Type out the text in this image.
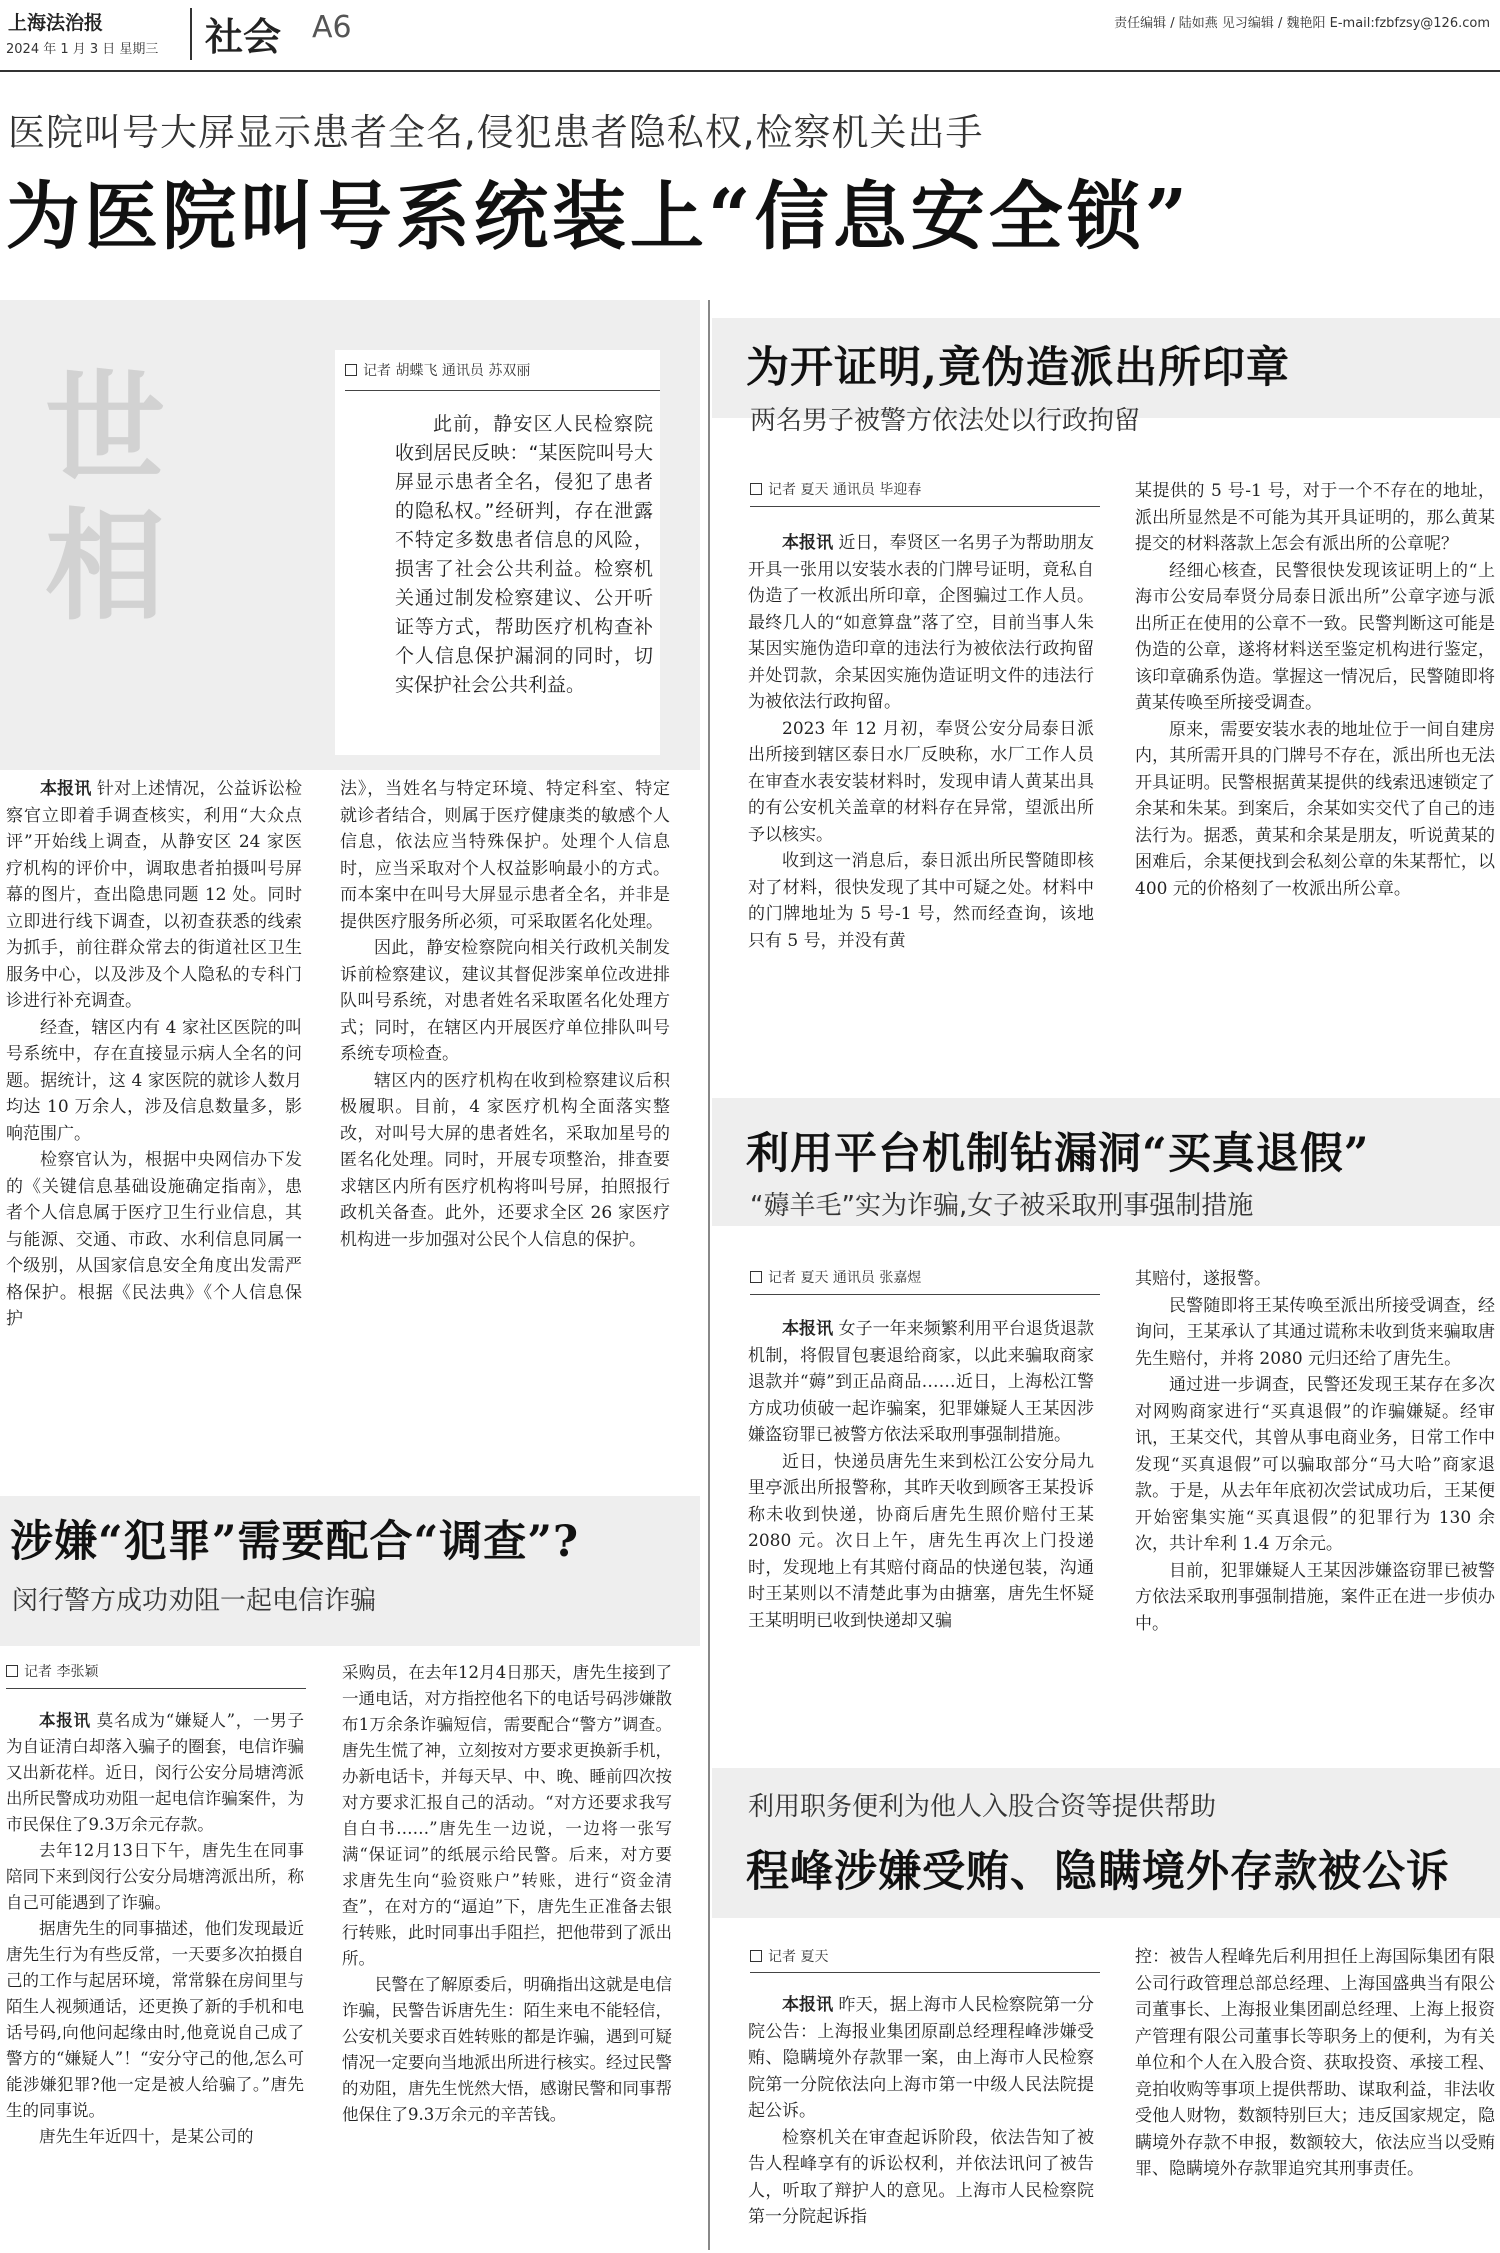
上海法治报
2024 年 1 月 3 日 星期三 社会 A6	责任编辑 / 陆如燕 见习编辑 / 魏艳阳 E-mail:fzbfzsy@126.com
医院叫号大屏显示患者全名,侵犯患者隐私权,检察机关出手
为医院叫号系统装上“信息安全锁”
世
相
记者 胡蝶飞 通讯员 苏双丽
此前，静安区人民检察院收到居民反映：“某医院叫号大屏显示患者全名，侵犯了患者的隐私权。”经研判，存在泄露不特定多数患者信息的风险，损害了社会公共利益。检察机关通过制发检察建议、公开听证等方式，帮助医疗机构查补个人信息保护漏洞的同时，切实保护社会公共利益。

本报讯 针对上述情况，公益诉讼检察官立即着手调查核实，利用“大众点评”开始线上调查，从静安区 24 家医疗机构的评价中，调取患者拍摄叫号屏幕的图片，查出隐患同题 12 处。同时立即进行线下调查，以初查获悉的线索为抓手，前往群众常去的街道社区卫生服务中心，以及涉及个人隐私的专科门诊进行补充调查。

经查，辖区内有 4 家社区医院的叫号系统中，存在直接显示病人全名的问题。据统计，这 4 家医院的就诊人数月均达 10 万余人，涉及信息数量多，影响范围广。

检察官认为，根据中央网信办下发的《关键信息基础设施确定指南》，患者个人信息属于医疗卫生行业信息，其与能源、交通、市政、水利信息同属一个级别，从国家信息安全角度出发需严格保护。根据《民法典》《个人信息保护

法》，当姓名与特定环境、特定科室、特定就诊者结合，则属于医疗健康类的敏感个人信息，依法应当特殊保护。处理个人信息时，应当采取对个人权益影响最小的方式。而本案中在叫号大屏显示患者全名，并非是提供医疗服务所必须，可采取匿名化处理。

因此，静安检察院向相关行政机关制发诉前检察建议，建议其督促涉案单位改进排队叫号系统，对患者姓名采取匿名化处理方式；同时，在辖区内开展医疗单位排队叫号系统专项检查。

辖区内的医疗机构在收到检察建议后积极履职。目前，4 家医疗机构全面落实整改，对叫号大屏的患者姓名，采取加星号的匿名化处理。同时，开展专项整治，排查要求辖区内所有医疗机构将叫号屏，拍照报行政机关备查。此外，还要求全区 26 家医疗机构进一步加强对公民个人信息的保护。

为开证明,竟伪造派出所印章
两名男子被警方依法处以行政拘留
记者 夏天 通讯员 毕迎春

本报讯 近日，奉贤区一名男子为帮助朋友开具一张用以安装水表的门牌号证明，竟私自伪造了一枚派出所印章，企图骗过工作人员。最终几人的“如意算盘”落了空，目前当事人朱某因实施伪造印章的违法行为被依法行政拘留并处罚款，余某因实施伪造证明文件的违法行为被依法行政拘留。

2023 年 12 月初，奉贤公安分局泰日派出所接到辖区泰日水厂反映称，水厂工作人员在审查水表安装材料时，发现申请人黄某出具的有公安机关盖章的材料存在异常，望派出所予以核实。

收到这一消息后，泰日派出所民警随即核对了材料，很快发现了其中可疑之处。材料中的门牌地址为 5 号-1 号，然而经查询，该地只有 5 号，并没有黄

某提供的 5 号-1 号，对于一个不存在的地址，派出所显然是不可能为其开具证明的，那么黄某提交的材料落款上怎会有派出所的公章呢？

经细心核查，民警很快发现该证明上的“上海市公安局奉贤分局泰日派出所”公章字迹与派出所正在使用的公章不一致。民警判断这可能是伪造的公章，遂将材料送至鉴定机构进行鉴定，该印章确系伪造。掌握这一情况后，民警随即将黄某传唤至所接受调查。

原来，需要安装水表的地址位于一间自建房内，其所需开具的门牌号不存在，派出所也无法开具证明。民警根据黄某提供的线索迅速锁定了余某和朱某。到案后，余某如实交代了自己的违法行为。据悉，黄某和余某是朋友，听说黄某的困难后，余某便找到会私刻公章的朱某帮忙，以 400 元的价格刻了一枚派出所公章。

利用平台机制钻漏洞“买真退假”
“薅羊毛”实为诈骗,女子被采取刑事强制措施
记者 夏天 通讯员 张嘉煜

本报讯 女子一年来频繁利用平台退货退款机制，将假冒包裹退给商家，以此来骗取商家退款并“薅”到正品商品……近日，上海松江警方成功侦破一起诈骗案，犯罪嫌疑人王某因涉嫌盗窃罪已被警方依法采取刑事强制措施。

近日，快递员唐先生来到松江公安分局九里亭派出所报警称，其昨天收到顾客王某投诉称未收到快递，协商后唐先生照价赔付王某 2080 元。次日上午，唐先生再次上门投递时，发现地上有其赔付商品的快递包装，沟通时王某则以不清楚此事为由搪塞，唐先生怀疑王某明明已收到快递却又骗

其赔付，遂报警。

民警随即将王某传唤至派出所接受调查，经询问，王某承认了其通过谎称未收到货来骗取唐先生赔付，并将 2080 元归还给了唐先生。

通过进一步调查，民警还发现王某存在多次对网购商家进行“买真退假”的诈骗嫌疑。经审讯，王某交代，其曾从事电商业务，日常工作中发现“买真退假”可以骗取部分“马大哈”商家退款。于是，从去年年底初次尝试成功后，王某便开始密集实施“买真退假”的犯罪行为 130 余次，共计牟利 1.4 万余元。

目前，犯罪嫌疑人王某因涉嫌盗窃罪已被警方依法采取刑事强制措施，案件正在进一步侦办中。

涉嫌“犯罪”需要配合“调查”?
闵行警方成功劝阻一起电信诈骗
记者 李张颖

本报讯 莫名成为“嫌疑人”，一男子为自证清白却落入骗子的圈套，电信诈骗又出新花样。近日，闵行公安分局塘湾派出所民警成功劝阻一起电信诈骗案件，为市民保住了9.3万余元存款。

去年12月13日下午，唐先生在同事陪同下来到闵行公安分局塘湾派出所，称自己可能遇到了诈骗。

据唐先生的同事描述，他们发现最近唐先生行为有些反常，一天要多次拍摄自己的工作与起居环境，常常躲在房间里与陌生人视频通话，还更换了新的手机和电话号码,向他问起缘由时,他竟说自己成了警方的“嫌疑人”！“安分守己的他,怎么可能涉嫌犯罪?他一定是被人给骗了。”唐先生的同事说。

唐先生年近四十，是某公司的

采购员，在去年12月4日那天，唐先生接到了一通电话，对方指控他名下的电话号码涉嫌散布1万余条诈骗短信，需要配合“警方”调查。唐先生慌了神，立刻按对方要求更换新手机，办新电话卡，并每天早、中、晚、睡前四次按对方要求汇报自己的活动。“对方还要求我写自白书……”唐先生一边说，一边将一张写满“保证词”的纸展示给民警。后来，对方要求唐先生向“验资账户”转账，进行“资金清查”，在对方的“逼迫”下，唐先生正准备去银行转账，此时同事出手阻拦，把他带到了派出所。

民警在了解原委后，明确指出这就是电信诈骗，民警告诉唐先生：陌生来电不能轻信，公安机关要求百姓转账的都是诈骗，遇到可疑情况一定要向当地派出所进行核实。经过民警的劝阻，唐先生恍然大悟，感谢民警和同事帮他保住了9.3万余元的辛苦钱。

利用职务便利为他人入股合资等提供帮助
程峰涉嫌受贿、隐瞒境外存款被公诉
记者 夏天

本报讯 昨天，据上海市人民检察院第一分院公告：上海报业集团原副总经理程峰涉嫌受贿、隐瞒境外存款罪一案，由上海市人民检察院第一分院依法向上海市第一中级人民法院提起公诉。

检察机关在审查起诉阶段，依法告知了被告人程峰享有的诉讼权利，并依法讯问了被告人，听取了辩护人的意见。上海市人民检察院第一分院起诉指

控：被告人程峰先后利用担任上海国际集团有限公司行政管理总部总经理、上海国盛典当有限公司董事长、上海报业集团副总经理、上海上报资产管理有限公司董事长等职务上的便利，为有关单位和个人在入股合资、获取投资、承接工程、竞拍收购等事项上提供帮助、谋取利益，非法收受他人财物，数额特别巨大；违反国家规定，隐瞒境外存款不申报，数额较大，依法应当以受贿罪、隐瞒境外存款罪追究其刑事责任。
